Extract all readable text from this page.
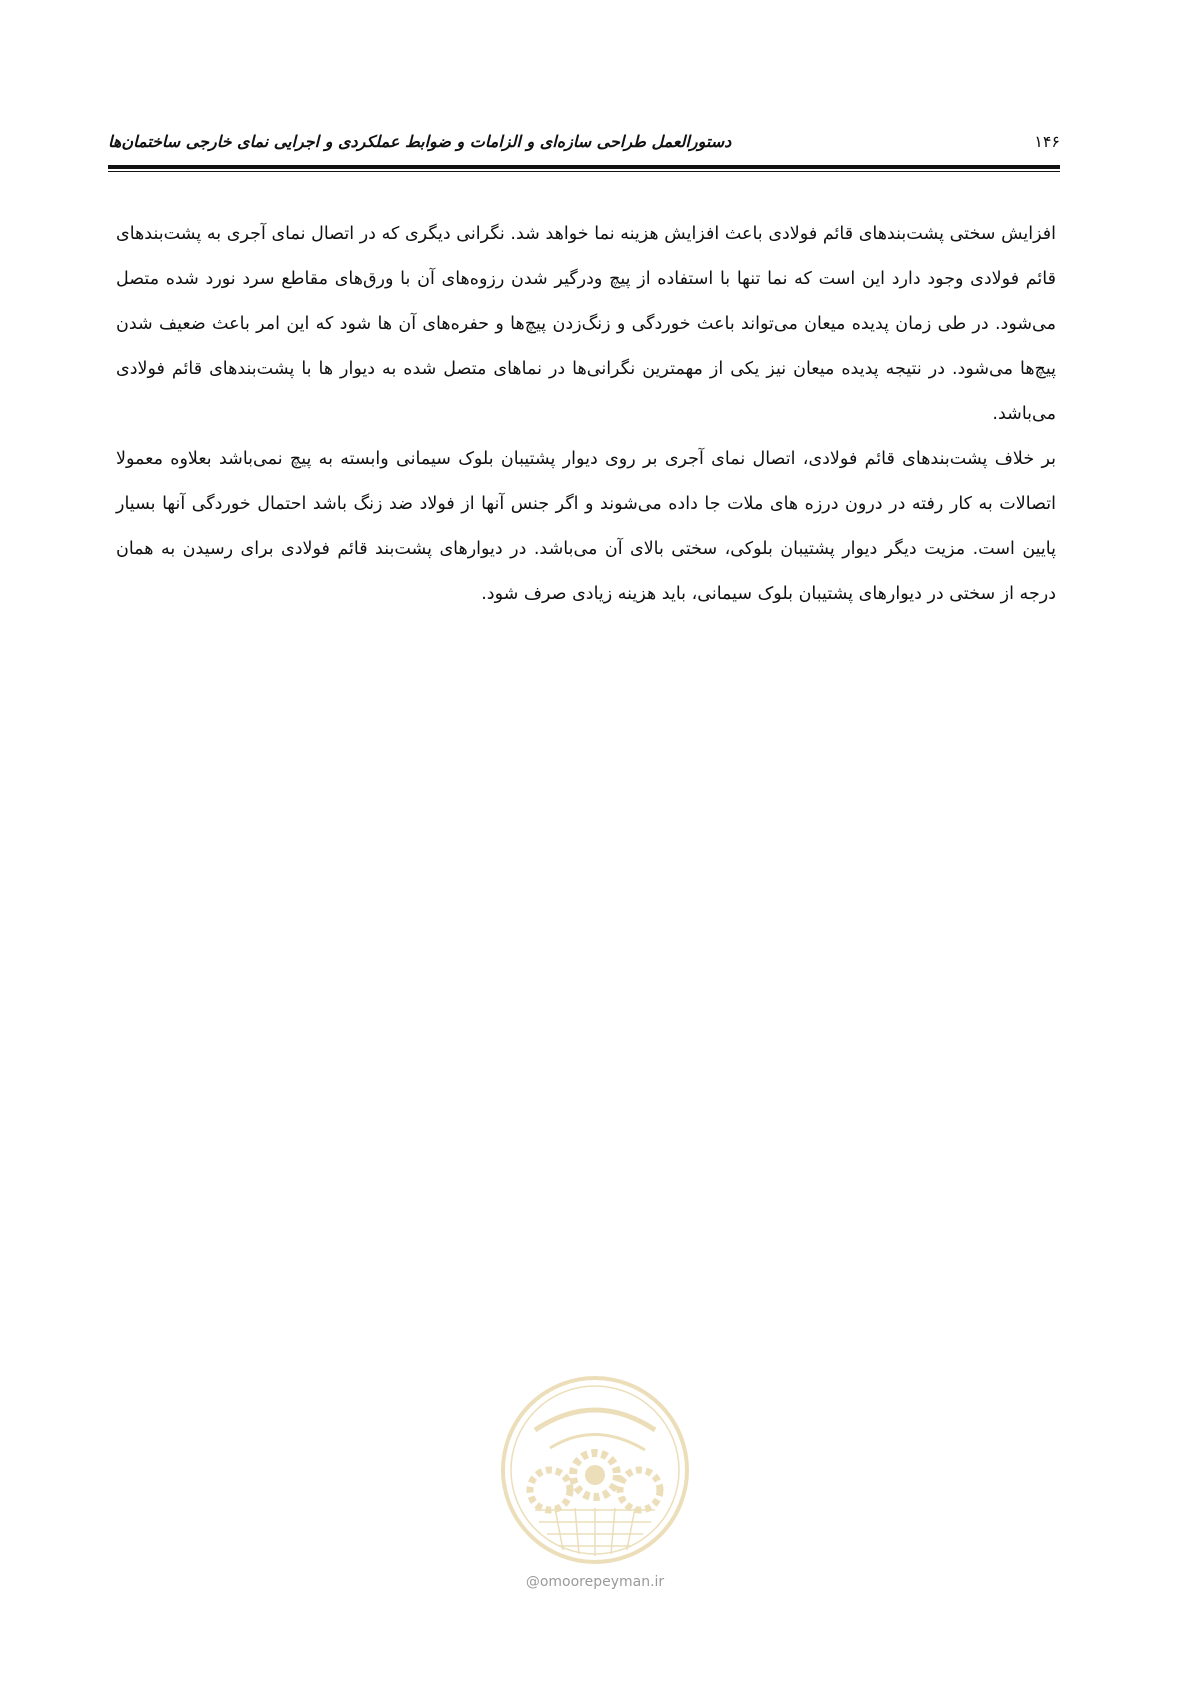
۱۴۶
دستورالعمل طراحی سازه‌ای و الزامات و ضوابط عملکردی و اجرایی نمای خارجی ساختمان‌ها

افزایش سختی پشت‌بندهای قائم فولادی باعث افزایش هزینه نما خواهد شد. نگرانی دیگری که در اتصال نمای آجری به پشت‌بندهای قائم فولادی وجود دارد این است که نما تنها با استفاده از پیچ ودرگیر شدن رزوه‌های آن با ورق‌های مقاطع سرد نورد شده متصل می‌شود. در طی زمان پدیده میعان می‌تواند باعث خوردگی و زنگ‌زدن پیچ‌ها و حفره‌های آن ها شود که این امر باعث ضعیف شدن پیچ‌ها می‌شود. در نتیجه پدیده میعان نیز یکی از مهمترین نگرانی‌ها در نماهای متصل شده به دیوار ها با پشت‌بندهای قائم فولادی می‌باشد.

بر خلاف پشت‌بندهای قائم فولادی، اتصال نمای آجری بر روی دیوار پشتیبان بلوک سیمانی وابسته به پیچ نمی‌باشد بعلاوه معمولا اتصالات به کار رفته در درون درزه های ملات جا داده می‌شوند و اگر جنس آنها از فولاد ضد زنگ باشد احتمال خوردگی آنها بسیار پایین است. مزیت دیگر دیوار پشتیبان بلوکی، سختی بالای آن می‌باشد. در دیوارهای پشت‌بند قائم فولادی برای رسیدن به همان درجه از سختی در دیوارهای پشتیبان بلوک سیمانی، باید هزینه زیادی صرف شود.

@omoorepeyman.ir
